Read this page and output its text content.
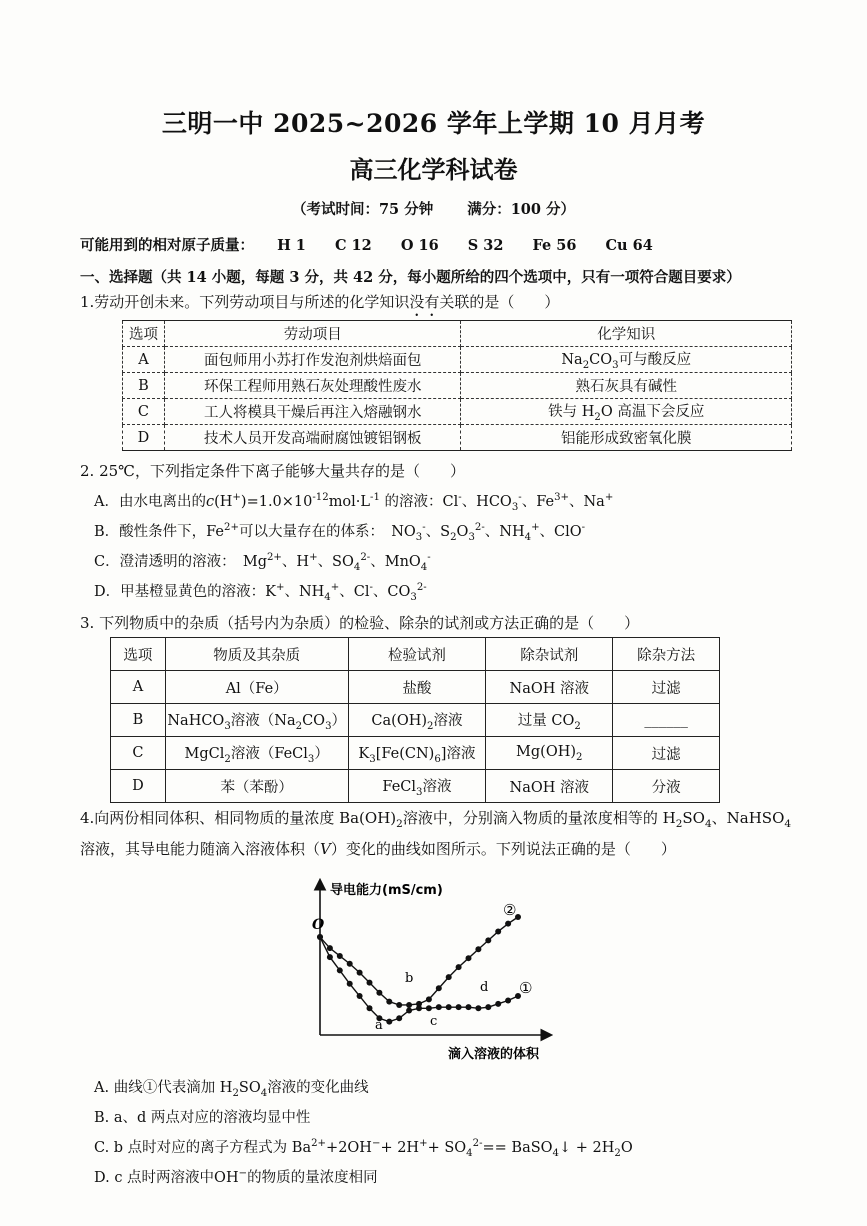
三明一中 2025~2026 学年上学期 10 月月考
高三化学科试卷
（考试时间：75 分钟 满分：100 分）
可能用到的相对原子质量： H 1 C 12 O 16 S 32 Fe 56 Cu 64
一、选择题（共 14 小题，每题 3 分，共 42 分，每小题所给的四个选项中，只有一项符合题目要求）
1.劳动开创未来。下列劳动项目与所述的化学知识没有关联的是（　　）
选项	劳动项目	化学知识
A	面包师用小苏打作发泡剂烘焙面包	$Na_2CO_3$可与酸反应
B	环保工程师用熟石灰处理酸性废水	熟石灰具有碱性
C	工人将模具干燥后再注入熔融钢水	铁与 $H_2O$ 高温下会反应
D	技术人员开发高端耐腐蚀镀铝钢板	铝能形成致密氧化膜
2. 25℃，下列指定条件下离子能够大量共存的是（　　）
A．由水电离出的$c(H^+)=1.0\times 10^{-12}mol\cdot L^{-1}$ 的溶液：Cl-、$HCO_3^-$、$Fe^{3+}$、Na+
B．酸性条件下，$Fe^{2+}$可以大量存在的体系：　$NO_3^-$、$S_2O_3^{2-}$、$NH_4^+$、ClO-
C．澄清透明的溶液：　$Mg^{2+}$、H+、$SO_4^{2-}$、MnO$_4$-
D．甲基橙显黄色的溶液：K+、$NH_4^+$、Cl-、$CO_3^{2-}$
3. 下列物质中的杂质（括号内为杂质）的检验、除杂的试剂或方法正确的是（　　）
选项	物质及其杂质	检验试剂	除杂试剂	除杂方法
A	Al（Fe）	盐酸	NaOH 溶液	过滤
B	NaHCO$_3$溶液$(Na_2CO_3)$	$Ca(OH)_2$溶液	过量 $CO_2$	______
C	MgCl$_2$溶液（FeCl$_3$）	$K_3[Fe(CN)_6]$溶液	$Mg(OH)_2$	过滤
D	苯（苯酚）	FeCl$_3$溶液	NaOH 溶液	分液
4.向两份相同体积、相同物质的量浓度 $Ba(OH)_2$溶液中，分别滴入物质的量浓度相等的 $H_2SO_4$、NaHSO$_4$
溶液，其导电能力随滴入溶液体积（V）变化的曲线如图所示。下列说法正确的是（　　）
导电能力(mS/cm)
滴入溶液的体积
O
a
b
c
d ①
②
A. 曲线①代表滴加 $H_2SO_4$溶液的变化曲线
B. a、d 两点对应的溶液均显中性
C. b 点时对应的离子方程式为 $Ba^{2+}+2OH^-+ 2H^++ SO_4^{2-}==$ BaSO$_4$↓ + $2H_2O$
D. c 点时两溶液中OH−的物质的量浓度相同
